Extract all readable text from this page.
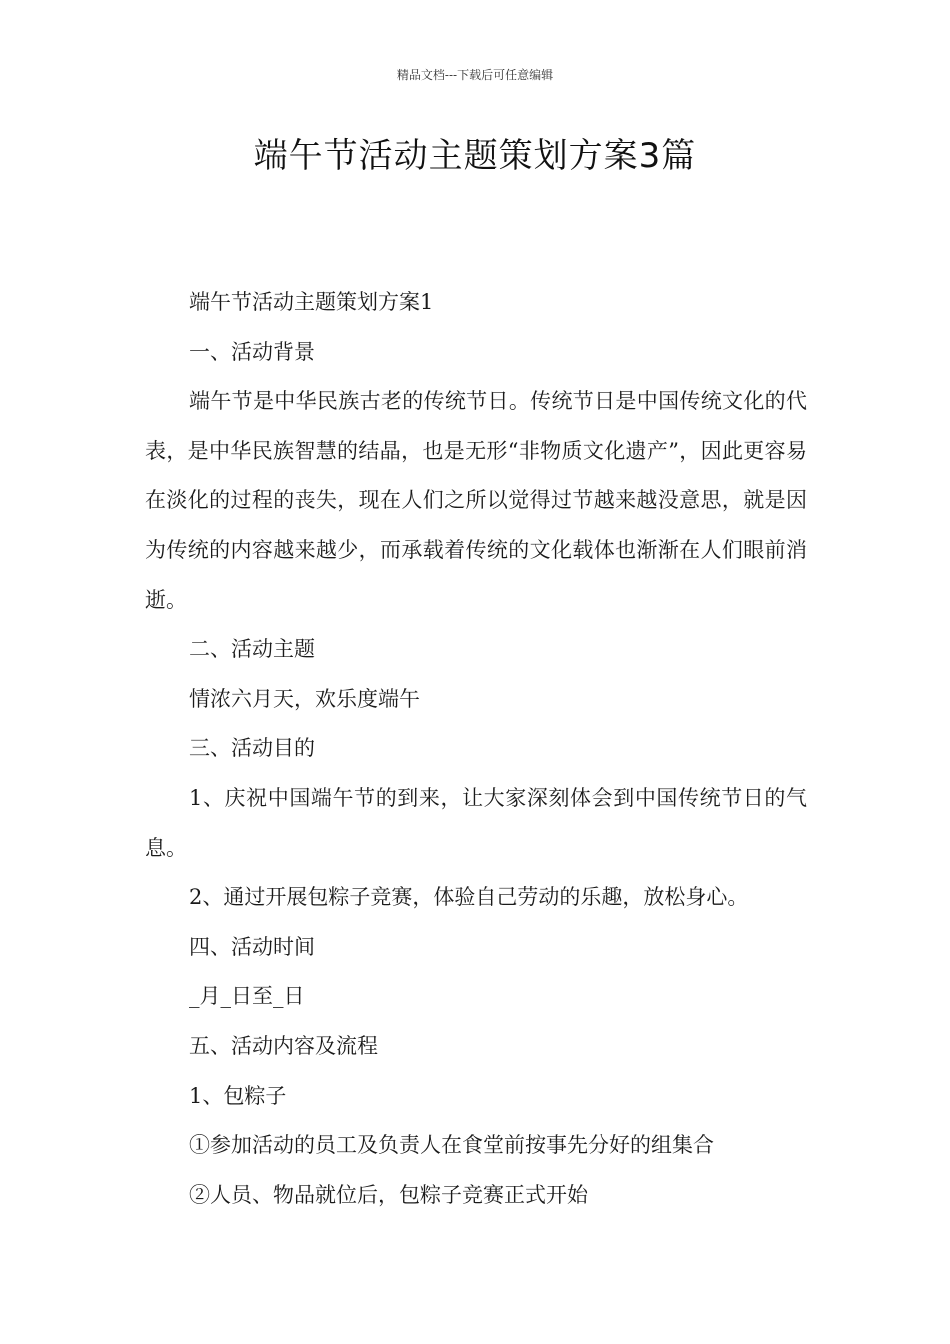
精品文档---下载后可任意编辑
端午节活动主题策划方案3篇

端午节活动主题策划方案1

一、活动背景

端午节是中华民族古老的传统节日。传统节日是中国传统文化的代表，是中华民族智慧的结晶，也是无形“非物质文化遗产”，因此更容易在淡化的过程的丧失，现在人们之所以觉得过节越来越没意思，就是因为传统的内容越来越少，而承载着传统的文化载体也渐渐在人们眼前消逝。

二、活动主题

情浓六月天，欢乐度端午

三、活动目的

1、庆祝中国端午节的到来，让大家深刻体会到中国传统节日的气息。

2、通过开展包粽子竞赛，体验自己劳动的乐趣，放松身心。

四、活动时间

_月_日至_日

五、活动内容及流程

1、包粽子

①参加活动的员工及负责人在食堂前按事先分好的组集合

②人员、物品就位后，包粽子竞赛正式开始
